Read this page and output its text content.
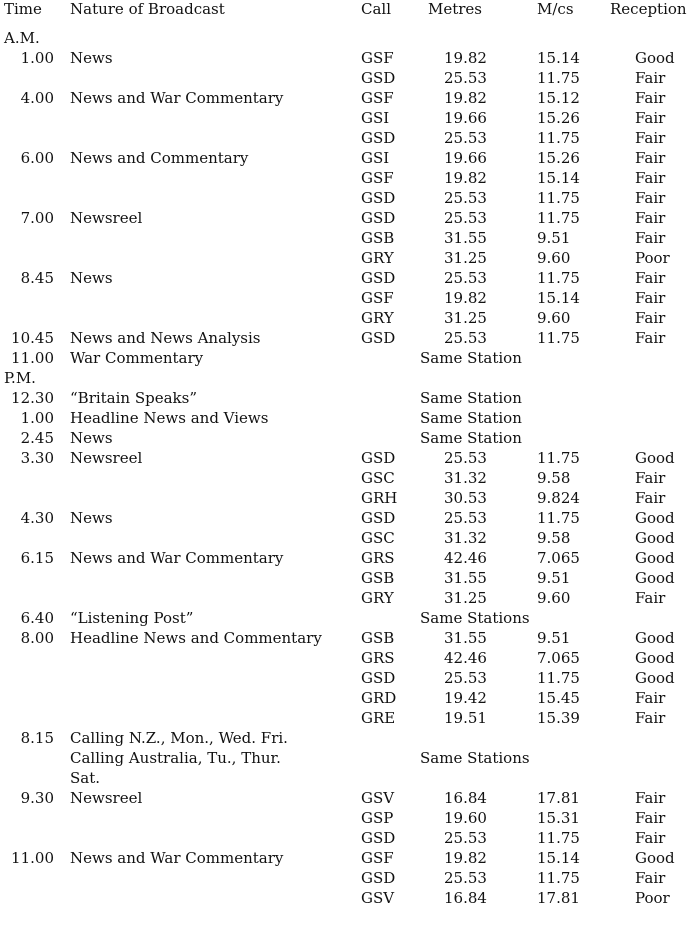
Time Nature of Broadcast	Call Metres	M/cs Reception
A.M.
1.00 News	GSF	19.82	15.14	Good
GSD	25.53	11.75	Fair
4.00 News and War Commentary	GSF	19.82	15.12	Fair
GSI	19.66	15.26	Fair
GSD	25.53	11.75	Fair
6.00 News and Commentary	GSI	19.66	15.26	Fair
GSF	19.82	15.14	Fair
GSD	25.53	11.75	Fair
7.00 Newsreel	GSD	25.53	11.75	Fair
GSB	31.55	9.51	Fair
GRY	31.25	9.60	Poor
8.45 News	GSD	25.53	11.75	Fair
GSF	19.82	15.14	Fair
GRY	31.25	9.60	Fair
10.45 News and News Analysis	GSD	25.53	11.75	Fair
11.00 War Commentary	Same Station
P.M.
12.30 “Britain Speaks”	Same Station
1.00 Headline News and Views	Same Station
2.45 News	Same Station
3.30 Newsreel	GSD	25.53	11.75	Good
GSC	31.32	9.58	Fair
GRH	30.53	9.824	Fair
4.30 News	GSD	25.53	11.75	Good
GSC	31.32	9.58	Good
6.15 News and War Commentary	GRS	42.46	7.065	Good
GSB	31.55	9.51	Good
GRY	31.25	9.60	Fair
6.40 “Listening Post”	Same Stations
8.00 Headline News and Commentary	GSB	31.55	9.51	Good
GRS	42.46	7.065	Good
GSD	25.53	11.75	Good
GRD	19.42	15.45	Fair
GRE	19.51	15.39	Fair
8.15 Calling N.Z., Mon., Wed. Fri.
Calling Australia, Tu., Thur.	Same Stations
Sat.
9.30 Newsreel	GSV	16.84	17.81	Fair
GSP	19.60	15.31	Fair
GSD	25.53	11.75	Fair
11.00 News and War Commentary	GSF	19.82	15.14	Good
GSD	25.53	11.75	Fair
GSV	16.84	17.81	Poor
